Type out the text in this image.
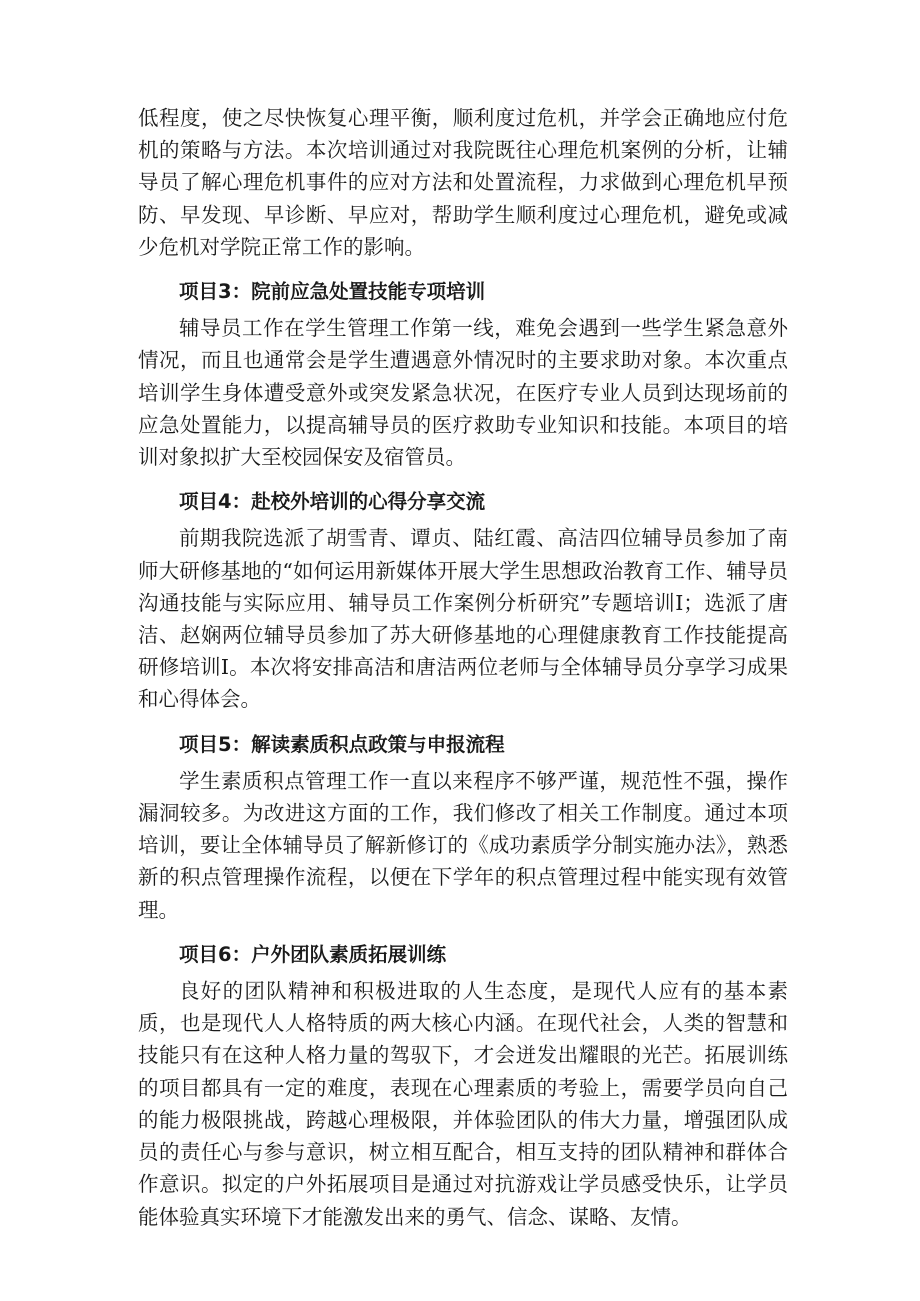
低程度，使之尽快恢复心理平衡，顺利度过危机，并学会正确地应付危机的策略与方法。本次培训通过对我院既往心理危机案例的分析，让辅导员了解心理危机事件的应对方法和处置流程，力求做到心理危机早预防、早发现、早诊断、早应对，帮助学生顺利度过心理危机，避免或减少危机对学院正常工作的影响。

项目3：院前应急处置技能专项培训

辅导员工作在学生管理工作第一线，难免会遇到一些学生紧急意外情况，而且也通常会是学生遭遇意外情况时的主要求助对象。本次重点培训学生身体遭受意外或突发紧急状况，在医疗专业人员到达现场前的应急处置能力，以提高辅导员的医疗救助专业知识和技能。本项目的培训对象拟扩大至校园保安及宿管员。

项目4：赴校外培训的心得分享交流

前期我院选派了胡雪青、谭贞、陆红霞、高洁四位辅导员参加了南师大研修基地的“如何运用新媒体开展大学生思想政治教育工作、辅导员沟通技能与实际应用、辅导员工作案例分析研究”专题培训I；选派了唐洁、赵娴两位辅导员参加了苏大研修基地的心理健康教育工作技能提高研修培训I。本次将安排高洁和唐洁两位老师与全体辅导员分享学习成果和心得体会。

项目5：解读素质积点政策与申报流程

学生素质积点管理工作一直以来程序不够严谨，规范性不强，操作漏洞较多。为改进这方面的工作，我们修改了相关工作制度。通过本项培训，要让全体辅导员了解新修订的《成功素质学分制实施办法》，熟悉新的积点管理操作流程，以便在下学年的积点管理过程中能实现有效管理。

项目6：户外团队素质拓展训练

良好的团队精神和积极进取的人生态度，是现代人应有的基本素质，也是现代人人格特质的两大核心内涵。在现代社会，人类的智慧和技能只有在这种人格力量的驾驭下，才会迸发出耀眼的光芒。拓展训练的项目都具有一定的难度，表现在心理素质的考验上，需要学员向自己的能力极限挑战，跨越心理极限，并体验团队的伟大力量，增强团队成员的责任心与参与意识，树立相互配合，相互支持的团队精神和群体合作意识。拟定的户外拓展项目是通过对抗游戏让学员感受快乐，让学员能体验真实环境下才能激发出来的勇气、信念、谋略、友情。
